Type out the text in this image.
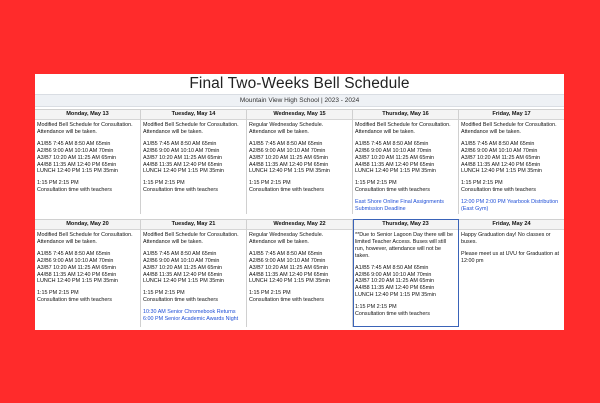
Final Two-Weeks Bell Schedule
Mountain View High School | 2023 - 2024
Monday, May 13
Modified Bell Schedule for Consultation.
Attendance will be taken.
A1/B5 7:45 AM 8:50 AM 65min
A2/B6 9:00 AM 10:10 AM 70min
A3/B7 10:20 AM 11:25 AM 65min
A4/B8 11:35 AM 12:40 PM 65min
LUNCH 12:40 PM 1:15 PM 35min
1:15 PM 2:15 PM
Consultation time with teachers
Tuesday, May 14
Modified Bell Schedule for Consultation.
Attendance will be taken.
A1/B5 7:45 AM 8:50 AM 65min
A2/B6 9:00 AM 10:10 AM 70min
A3/B7 10:20 AM 11:25 AM 65min
A4/B8 11:35 AM 12:40 PM 65min
LUNCH 12:40 PM 1:15 PM 35min
1:15 PM 2:15 PM
Consultation time with teachers
Wednesday, May 15
Regular Wednesday Schedule.
Attendance will be taken.
A1/B5 7:45 AM 8:50 AM 65min
A2/B6 9:00 AM 10:10 AM 70min
A3/B7 10:20 AM 11:25 AM 65min
A4/B8 11:35 AM 12:40 PM 65min
LUNCH 12:40 PM 1:15 PM 35min
1:15 PM 2:15 PM
Consultation time with teachers
Thursday, May 16
Modified Bell Schedule for Consultation.
Attendance will be taken.
A1/B5 7:45 AM 8:50 AM 65min
A2/B6 9:00 AM 10:10 AM 70min
A3/B7 10:20 AM 11:25 AM 65min
A4/B8 11:35 AM 12:40 PM 65min
LUNCH 12:40 PM 1:15 PM 35min
1:15 PM 2:15 PM
Consultation time with teachers
East Shore Online Final Assignments
Submission Deadline
Friday, May 17
Modified Bell Schedule for Consultation.
Attendance will be taken.
A1/B5 7:45 AM 8:50 AM 65min
A2/B6 9:00 AM 10:10 AM 70min
A3/B7 10:20 AM 11:25 AM 65min
A4/B8 11:35 AM 12:40 PM 65min
LUNCH 12:40 PM 1:15 PM 35min
1:15 PM 2:15 PM
Consultation time with teachers
12:00 PM 2:00 PM Yearbook Distribution
(East Gym)
Monday, May 20
Modified Bell Schedule for Consultation.
Attendance will be taken.
A1/B5 7:45 AM 8:50 AM 65min
A2/B6 9:00 AM 10:10 AM 70min
A3/B7 10:20 AM 11:25 AM 65min
A4/B8 11:35 AM 12:40 PM 65min
LUNCH 12:40 PM 1:15 PM 35min
1:15 PM 2:15 PM
Consultation time with teachers
Tuesday, May 21
Modified Bell Schedule for Consultation.
Attendance will be taken.
A1/B5 7:45 AM 8:50 AM 65min
A2/B6 9:00 AM 10:10 AM 70min
A3/B7 10:20 AM 11:25 AM 65min
A4/B8 11:35 AM 12:40 PM 65min
LUNCH 12:40 PM 1:15 PM 35min
1:15 PM 2:15 PM
Consultation time with teachers
10:30 AM Senior Chromebook Returns
6:00 PM Senior Academic Awards Night
Wednesday, May 22
Regular Wednesday Schedule.
Attendance will be taken.
A1/B5 7:45 AM 8:50 AM 65min
A2/B6 9:00 AM 10:10 AM 70min
A3/B7 10:20 AM 11:25 AM 65min
A4/B8 11:35 AM 12:40 PM 65min
LUNCH 12:40 PM 1:15 PM 35min
1:15 PM 2:15 PM
Consultation time with teachers
Thursday, May 23
**Due to Senior Lagoon Day there will be
limited Teacher Access. Buses will still
run, however, attendance will not be
taken.
A1/B5 7:45 AM 8:50 AM 65min
A2/B6 9:00 AM 10:10 AM 70min
A3/B7 10:20 AM 11:25 AM 65min
A4/B8 11:35 AM 12:40 PM 65min
LUNCH 12:40 PM 1:15 PM 35min
1:15 PM 2:15 PM
Consultation time with teachers
Friday, May 24
Happy Graduation day! No classes or
buses.
Please meet us at UVU for Graduation at
12:00 pm
